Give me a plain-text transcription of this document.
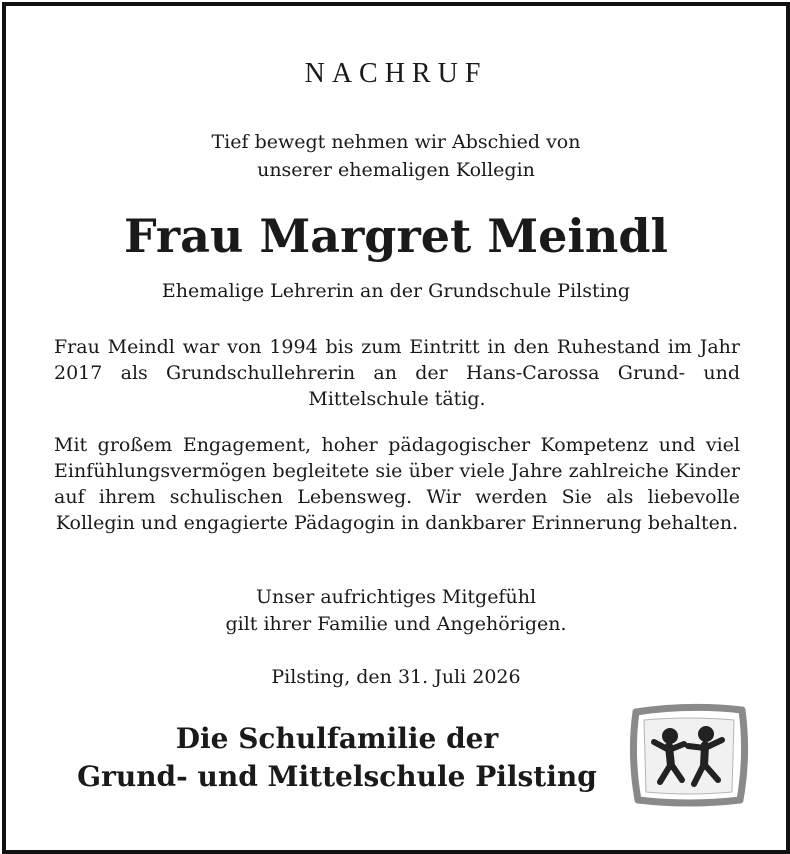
NACHRUF
Tief bewegt nehmen wir Abschied von
unserer ehemaligen Kollegin
Frau Margret Meindl
Ehemalige Lehrerin an der Grundschule Pilsting
Frau Meindl war von 1994 bis zum Eintritt in den Ruhestand im Jahr 2017 als Grundschullehrerin an der Hans-Carossa Grund- und Mittelschule tätig.
Mit großem Engagement, hoher pädagogischer Kompetenz und viel Einfühlungsvermögen begleitete sie über viele Jahre zahlreiche Kinder auf ihrem schulischen Lebensweg. Wir werden Sie als liebevolle Kollegin und engagierte Pädagogin in dankbarer Erinnerung behalten.
Unser aufrichtiges Mitgefühl
gilt ihrer Familie und Angehörigen.
Pilsting, den 31. Juli 2026
Die Schulfamilie der
Grund- und Mittelschule Pilsting
